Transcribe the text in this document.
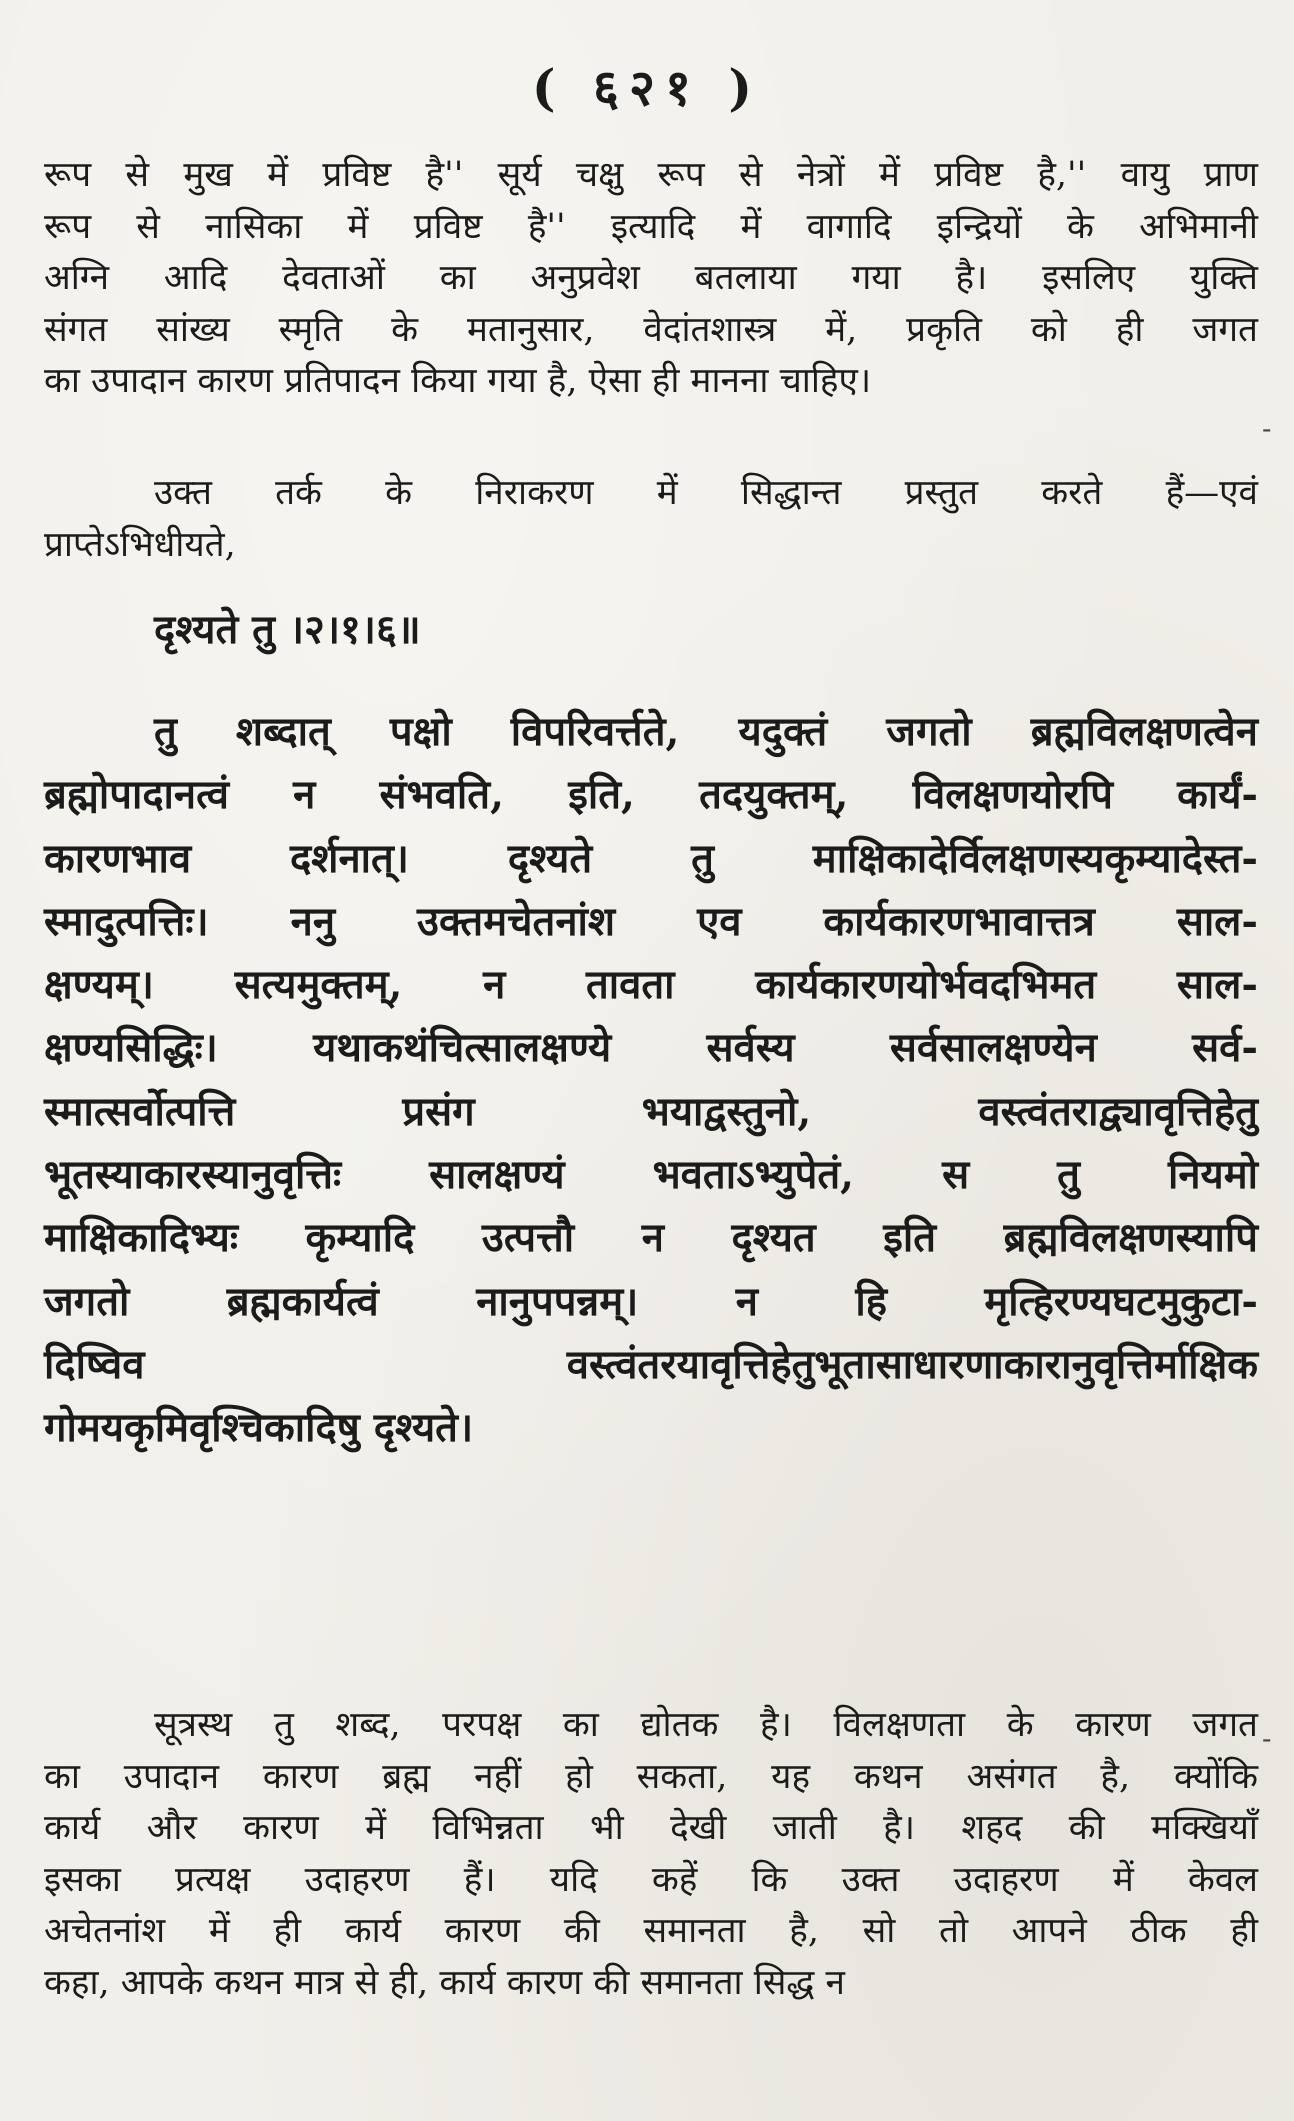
( ६२१ )
रूप से मुख में प्रविष्ट है'' सूर्य चक्षु रूप से नेत्रों में प्रविष्ट है,'' वायु प्राण
रूप से नासिका में प्रविष्ट है'' इत्यादि में वागादि इन्द्रियों के अभिमानी
अग्नि आदि देवताओं का अनुप्रवेश बतलाया गया है। इसलिए युक्ति
संगत सांख्य स्मृति के मतानुसार, वेदांतशास्त्र में, प्रकृति को ही जगत
का उपादान कारण प्रतिपादन किया गया है, ऐसा ही मानना चाहिए।
उक्त तर्क के निराकरण में सिद्धान्त प्रस्तुत करते हैं—एवं
प्राप्तेऽभिधीयते,
दृश्यते तु ।२।१।६॥
तु शब्दात् पक्षो विपरिवर्त्तते, यदुक्तं जगतो ब्रह्मविलक्षणत्वेन
ब्रह्मोपादानत्वं न संभवति, इति, तदयुक्तम्, विलक्षणयोरपि कार्यं-
कारणभाव दर्शनात्। दृश्यते तु माक्षिकादेर्विलक्षणस्यकृम्यादेस्त-
स्मादुत्पत्तिः। ननु उक्तमचेतनांश एव कार्यकारणभावात्तत्र साल-
क्षण्यम्। सत्यमुक्तम्, न तावता कार्यकारणयोर्भवदभिमत साल-
क्षण्यसिद्धिः। यथाकथंचित्सालक्षण्ये सर्वस्य सर्वसालक्षण्येन सर्व-
स्मात्सर्वोत्पत्ति प्रसंग भयाद्वस्तुनो, वस्त्वंतराद्व्यावृत्तिहेतु
भूतस्याकारस्यानुवृत्तिः सालक्षण्यं भवताऽभ्युपेतं, स तु नियमो
माक्षिकादिभ्यः कृम्यादि उत्पत्तौ न दृश्यत इति ब्रह्मविलक्षणस्यापि
जगतो ब्रह्मकार्यत्वं नानुपपन्नम्। न हि मृत्हिरण्यघटमुकुटा-
दिष्विव वस्त्वंतरयावृत्तिहेतुभूतासाधारणाकारानुवृत्तिर्माक्षिक
गोमयकृमिवृश्चिकादिषु दृश्यते।
सूत्रस्थ तु शब्द, परपक्ष का द्योतक है। विलक्षणता के कारण जगत
का उपादान कारण ब्रह्म नहीं हो सकता, यह कथन असंगत है, क्योंकि
कार्य और कारण में विभिन्नता भी देखी जाती है। शहद की मक्खियाँ
इसका प्रत्यक्ष उदाहरण हैं। यदि कहें कि उक्त उदाहरण में केवल
अचेतनांश में ही कार्य कारण की समानता है, सो तो आपने ठीक ही
कहा, आपके कथन मात्र से ही, कार्य कारण की समानता सिद्ध न
-
-
